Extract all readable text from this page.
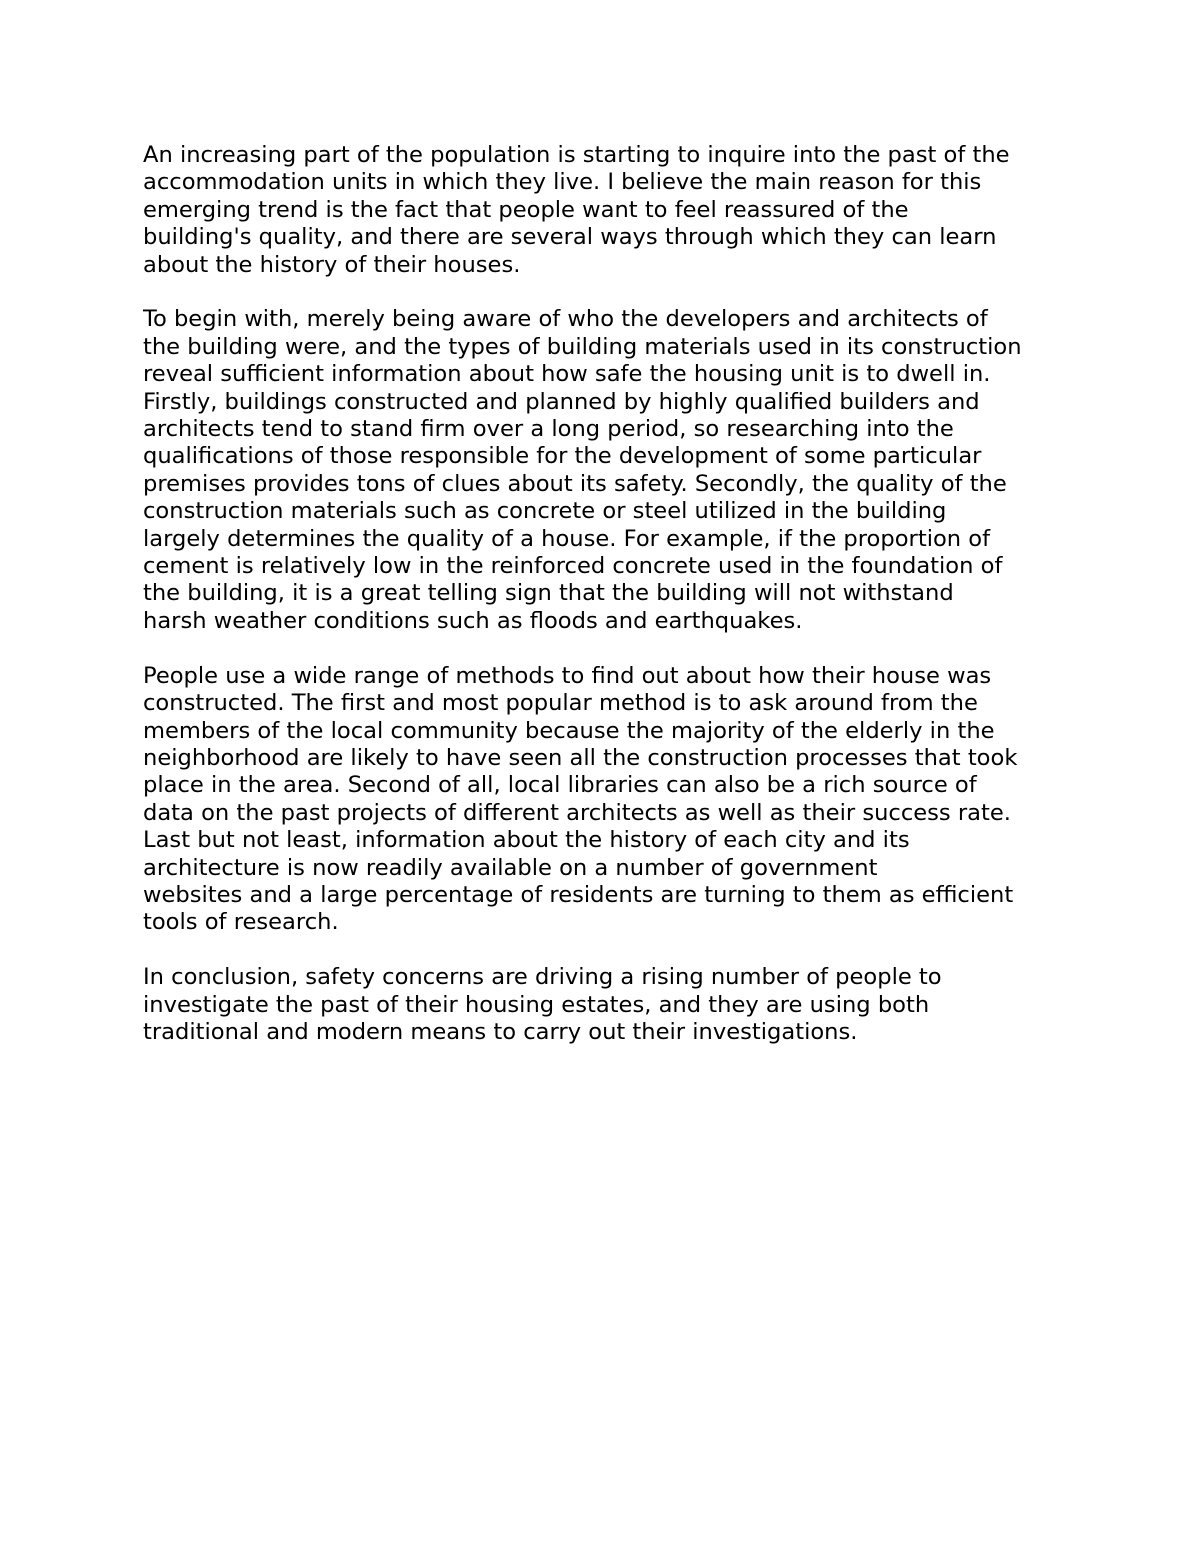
An increasing part of the population is starting to inquire into the past of the
accommodation units in which they live. I believe the main reason for this
emerging trend is the fact that people want to feel reassured of the
building's quality, and there are several ways through which they can learn
about the history of their houses.

To begin with, merely being aware of who the developers and architects of
the building were, and the types of building materials used in its construction
reveal sufficient information about how safe the housing unit is to dwell in.
Firstly, buildings constructed and planned by highly qualified builders and
architects tend to stand firm over a long period, so researching into the
qualifications of those responsible for the development of some particular
premises provides tons of clues about its safety. Secondly, the quality of the
construction materials such as concrete or steel utilized in the building
largely determines the quality of a house. For example, if the proportion of
cement is relatively low in the reinforced concrete used in the foundation of
the building, it is a great telling sign that the building will not withstand
harsh weather conditions such as floods and earthquakes.

People use a wide range of methods to find out about how their house was
constructed. The first and most popular method is to ask around from the
members of the local community because the majority of the elderly in the
neighborhood are likely to have seen all the construction processes that took
place in the area. Second of all, local libraries can also be a rich source of
data on the past projects of different architects as well as their success rate.
Last but not least, information about the history of each city and its
architecture is now readily available on a number of government
websites and a large percentage of residents are turning to them as efficient
tools of research.

In conclusion, safety concerns are driving a rising number of people to
investigate the past of their housing estates, and they are using both
traditional and modern means to carry out their investigations.
